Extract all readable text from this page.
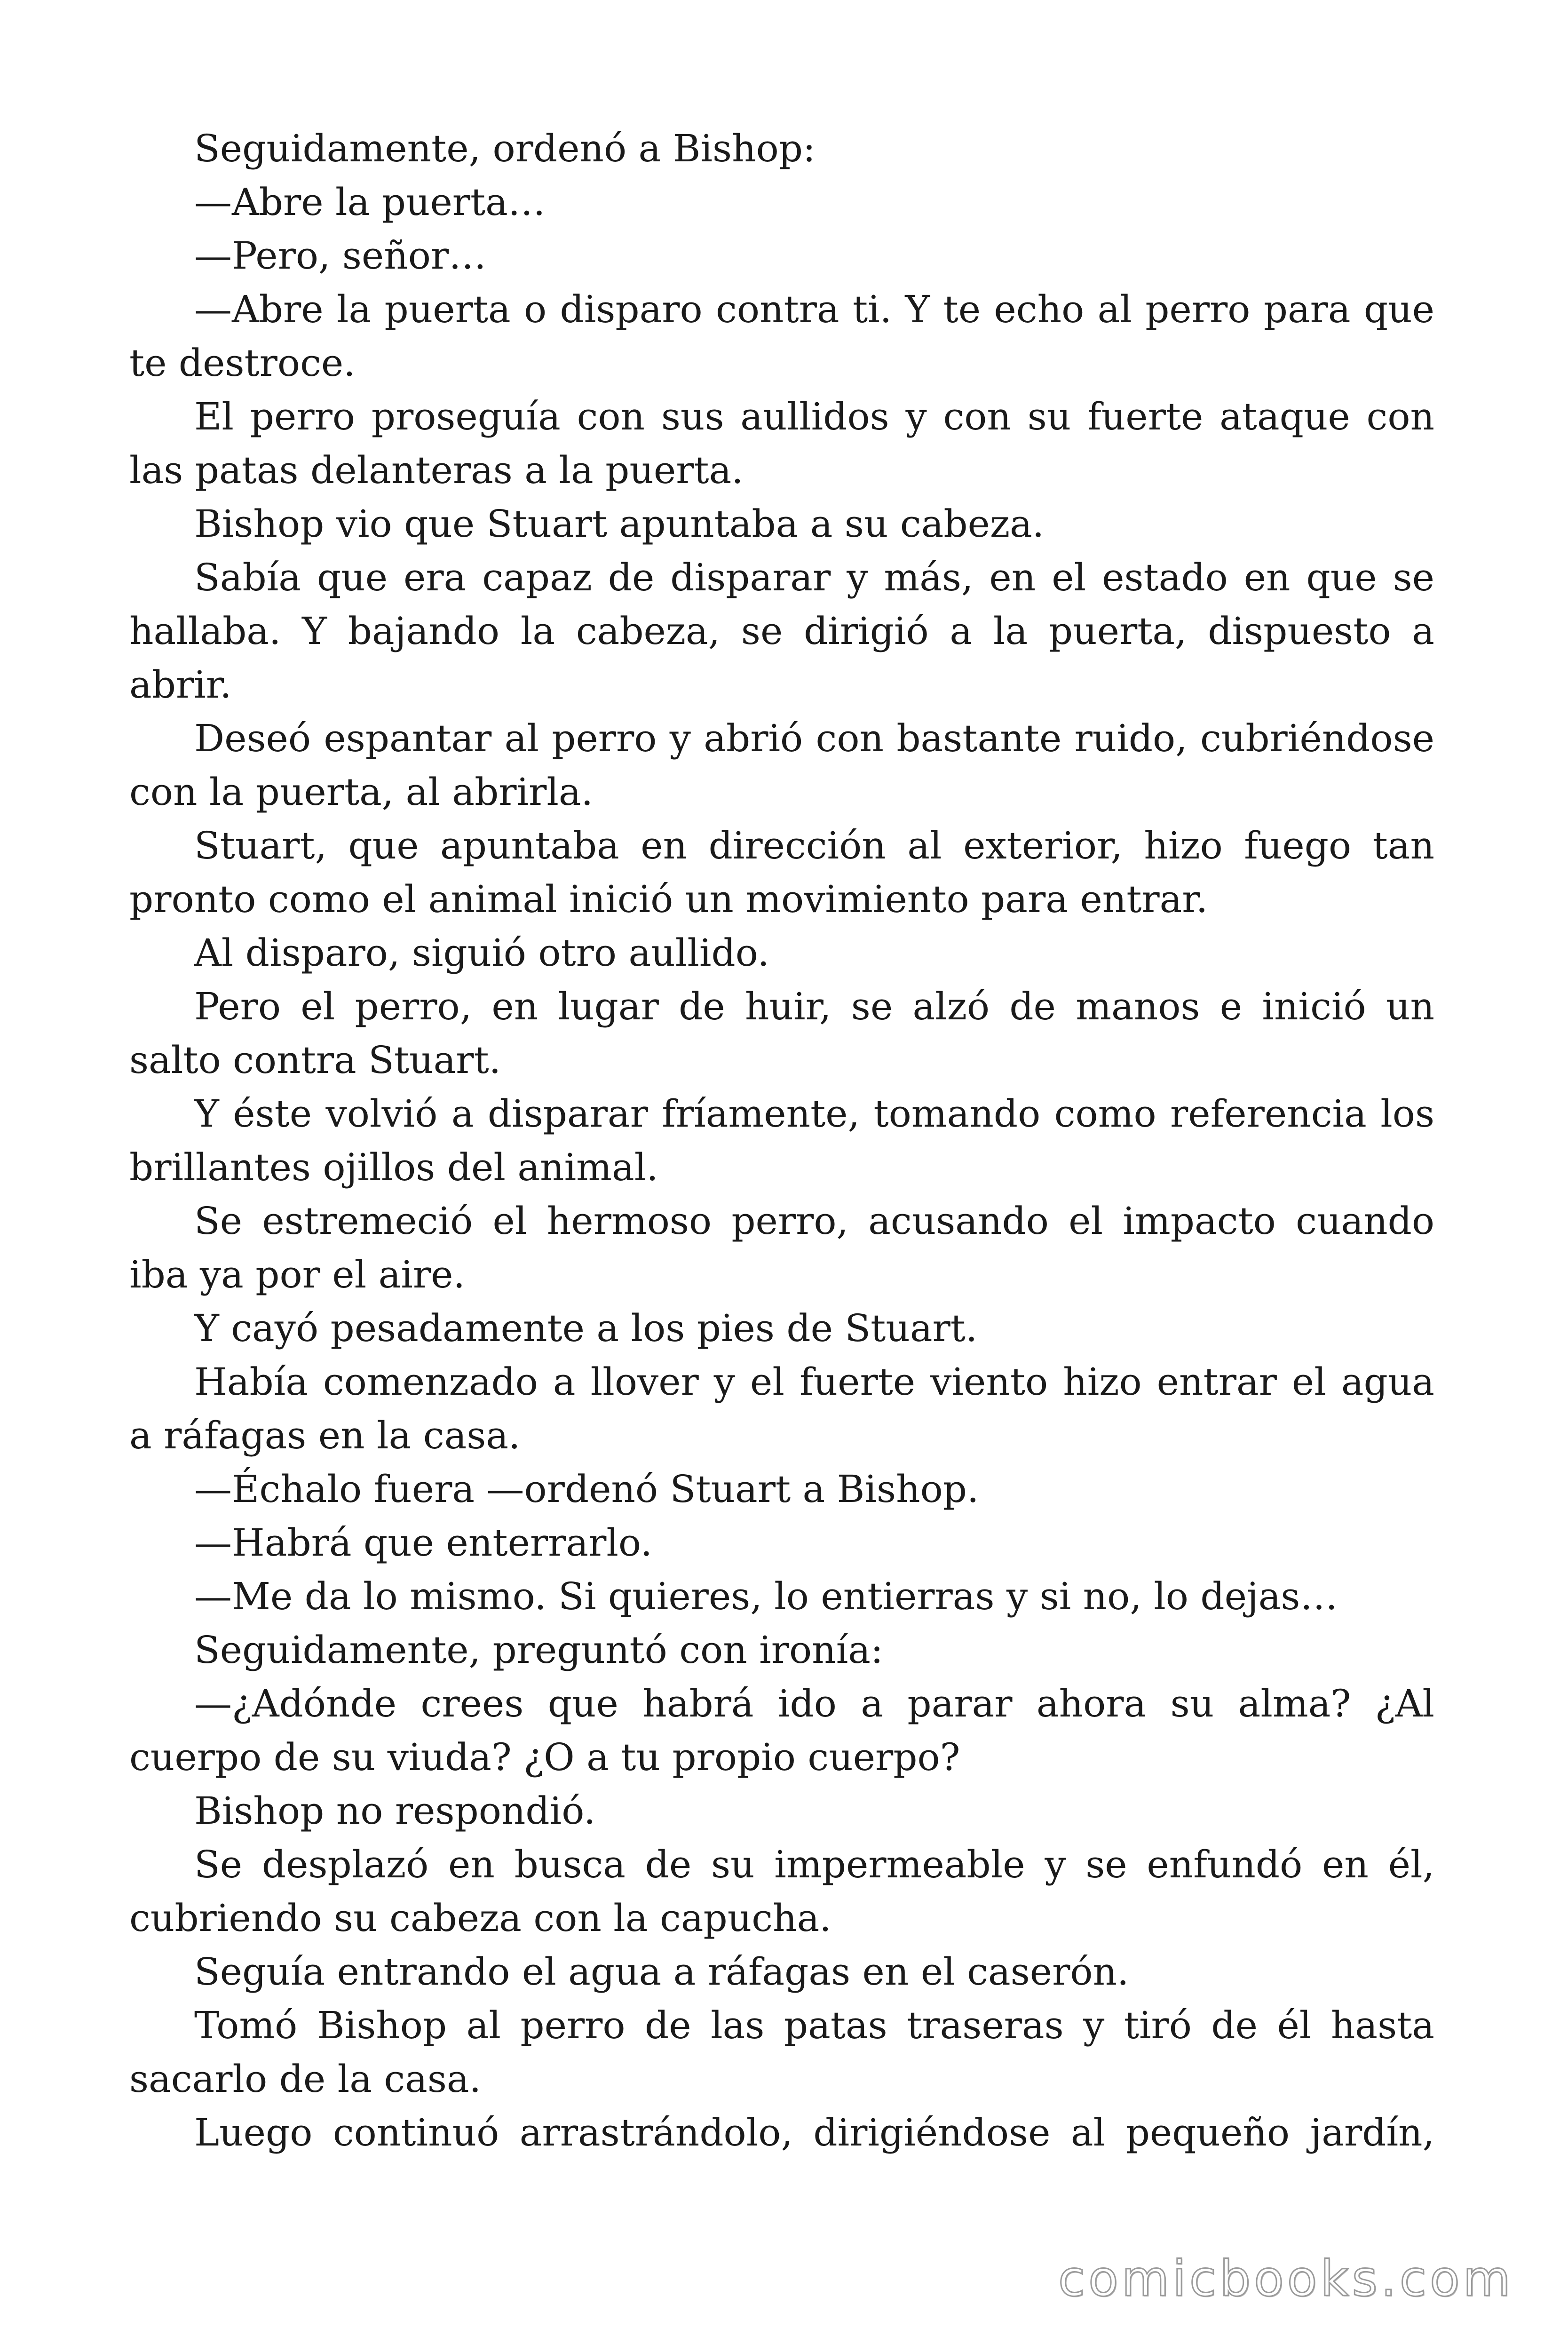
Seguidamente, ordenó a Bishop:

—Abre la puerta…

—Pero, señor…

—Abre la puerta o disparo contra ti. Y te echo al perro para que te destroce.

El perro proseguía con sus aullidos y con su fuerte ataque con las patas delanteras a la puerta.

Bishop vio que Stuart apuntaba a su cabeza.

Sabía que era capaz de disparar y más, en el estado en que se hallaba. Y bajando la cabeza, se dirigió a la puerta, dispuesto a abrir.

Deseó espantar al perro y abrió con bastante ruido, cubriéndose con la puerta, al abrirla.

Stuart, que apuntaba en dirección al exterior, hizo fuego tan pronto como el animal inició un movimiento para entrar.

Al disparo, siguió otro aullido.

Pero el perro, en lugar de huir, se alzó de manos e inició un salto contra Stuart.

Y éste volvió a disparar fríamente, tomando como referencia los brillantes ojillos del animal.

Se estremeció el hermoso perro, acusando el impacto cuando iba ya por el aire.

Y cayó pesadamente a los pies de Stuart.

Había comenzado a llover y el fuerte viento hizo entrar el agua a ráfagas en la casa.

—Échalo fuera —ordenó Stuart a Bishop.

—Habrá que enterrarlo.

—Me da lo mismo. Si quieres, lo entierras y si no, lo dejas…

Seguidamente, preguntó con ironía:

—¿Adónde crees que habrá ido a parar ahora su alma? ¿Al cuerpo de su viuda? ¿O a tu propio cuerpo?

Bishop no respondió.

Se desplazó en busca de su impermeable y se enfundó en él, cubriendo su cabeza con la capucha.

Seguía entrando el agua a ráfagas en el caserón.

Tomó Bishop al perro de las patas traseras y tiró de él hasta sacarlo de la casa.

Luego continuó arrastrándolo, dirigiéndose al pequeño jardín,

comicbooks.com
